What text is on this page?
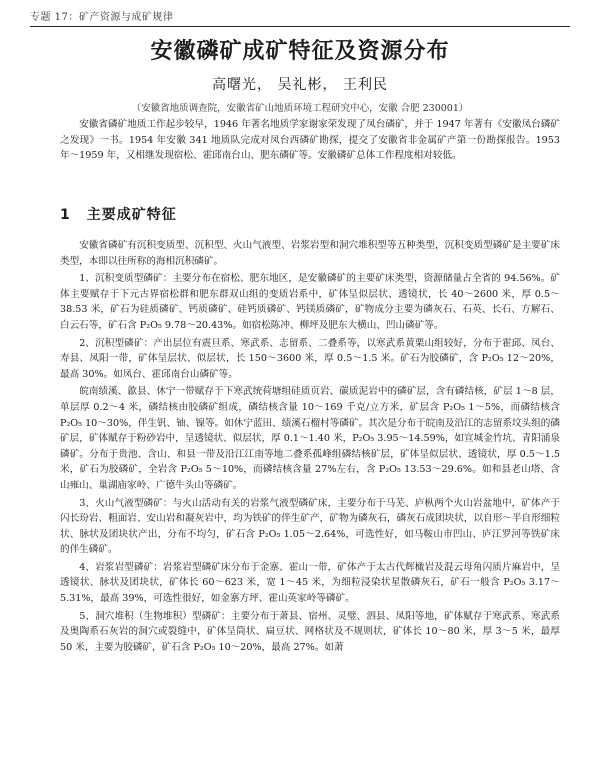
专题 17：矿产资源与成矿规律
安徽磷矿成矿特征及资源分布
高曙光， 吴礼彬， 王利民
（安徽省地质调查院，安徽省矿山地质环境工程研究中心，安徽 合肥 230001）

安徽省磷矿地质工作起步较早，1946 年著名地质学家谢家荣发现了凤台磷矿，并于 1947 年著有《安徽凤台磷矿之发现》一书。1954 年安徽 341 地质队完成对凤台西磷矿勘探，提交了安徽省非金属矿产第一份勘探报告。1953 年～1959 年，又相继发现宿松、霍邱南台山、肥东磷矿等。安徽磷矿总体工作程度相对较低。

1 主要成矿特征

安徽省磷矿有沉积变质型、沉积型、火山气液型、岩浆岩型和洞穴堆积型等五种类型，沉积变质型磷矿是主要矿床类型，本即以往所称的海相沉积磷矿。

1、沉积变质型磷矿：主要分布在宿松、肥东地区，是安徽磷矿的主要矿床类型，资源储量占全省的 94.56%。矿体主要赋存于下元古界宿松群和肥东群双山组的变质岩系中，矿体呈似层状、透镜状，长 40～2600 米，厚 0.5～38.53 米，矿石为硅质磷矿、钙质磷矿、硅钙质磷矿、钙镁质磷矿，矿物成分主要为磷灰石、石英、长石、方解石、白云石等，矿石含 P₂O₅ 9.78～20.43%。如宿松陈冲、柳坪及肥东大横山、凹山磷矿等。

2、沉积型磷矿：产出层位有震旦系、寒武系、志留系、二叠系等，以寒武系黄栗山组较好，分布于霍邱、凤台、寿县、凤阳一带，矿体呈层状、似层状，长 150～3600 米，厚 0.5～1.5 米。矿石为胶磷矿，含 P₂O₅ 12～20%，最高 30%。如凤台、霍邱南台山磷矿等。

皖南绩溪、歙县、休宁一带赋存于下寒武统荷塘组硅质页岩、碳质泥岩中的磷矿层，含有磷结核，矿层 1～8 层，单层厚 0.2～4 米，磷结核由胶磷矿组成，磷结核含量 10～169 千克/立方米，矿层含 P₂O₅ 1～5%，而磷结核含 P₂O₅ 10～30%，伴生钒、铀、镍等。如休宁蓝田、绩溪石榴村等磷矿。其次是分布于皖南及沿江的志留系坟头组的磷矿层，矿体赋存于粉砂岩中，呈透镜状、似层状，厚 0.1～1.40 米，P₂O₅ 3.95～14.59%，如宣城金竹坑、青阳涌泉磷矿。分布于贵池、含山、和县一带及沿江江南等地二叠系孤峰组磷结核矿层，矿体呈似层状、透镜状，厚 0.5～1.5 米，矿石为胶磷矿，全岩含 P₂O₅ 5～10%，而磷结核含量 27%左右，含 P₂O₅ 13.53～29.6%。如和县老山塔、含山雍山、巢湖庙家岭、广德牛头山等磷矿。

3、火山气液型磷矿：与火山活动有关的岩浆气液型磷矿床，主要分布于马芜、庐枞两个火山岩盆地中，矿体产于闪长玢岩、粗面岩、安山岩和凝灰岩中，均为铁矿的伴生矿产，矿物为磷灰石，磷灰石成团块状，以自形～半自形细粒状、脉状及团块状产出，分布不均匀，矿石含 P₂O₅ 1.05～2.64%，可选性好，如马鞍山市凹山、庐江罗河等铁矿床的伴生磷矿。

4、岩浆岩型磷矿：岩浆岩型磷矿床分布于金寨、霍山一带，矿体产于太古代辉橄岩及混云母角闪质片麻岩中，呈透镜状、脉状及团块状，矿体长 60～623 米，宽 1～45 米，为细粒浸染状星散磷灰石，矿石一般含 P₂O₅ 3.17～5.31%，最高 39%，可选性很好，如金寨方坪、霍山英家岭等磷矿。

5、洞穴堆积（生物堆积）型磷矿：主要分布于萧县、宿州、灵璧、泗县、凤阳等地，矿体赋存于寒武系、寒武系及奥陶系石灰岩的洞穴或裂缝中，矿体呈筒状、扁豆状、网格状及不规则状，矿体长 10～80 米，厚 3～5 米，最厚 50 米，主要为胶磷矿，矿石含 P₂O₅ 10～20%，最高 27%。如萧
